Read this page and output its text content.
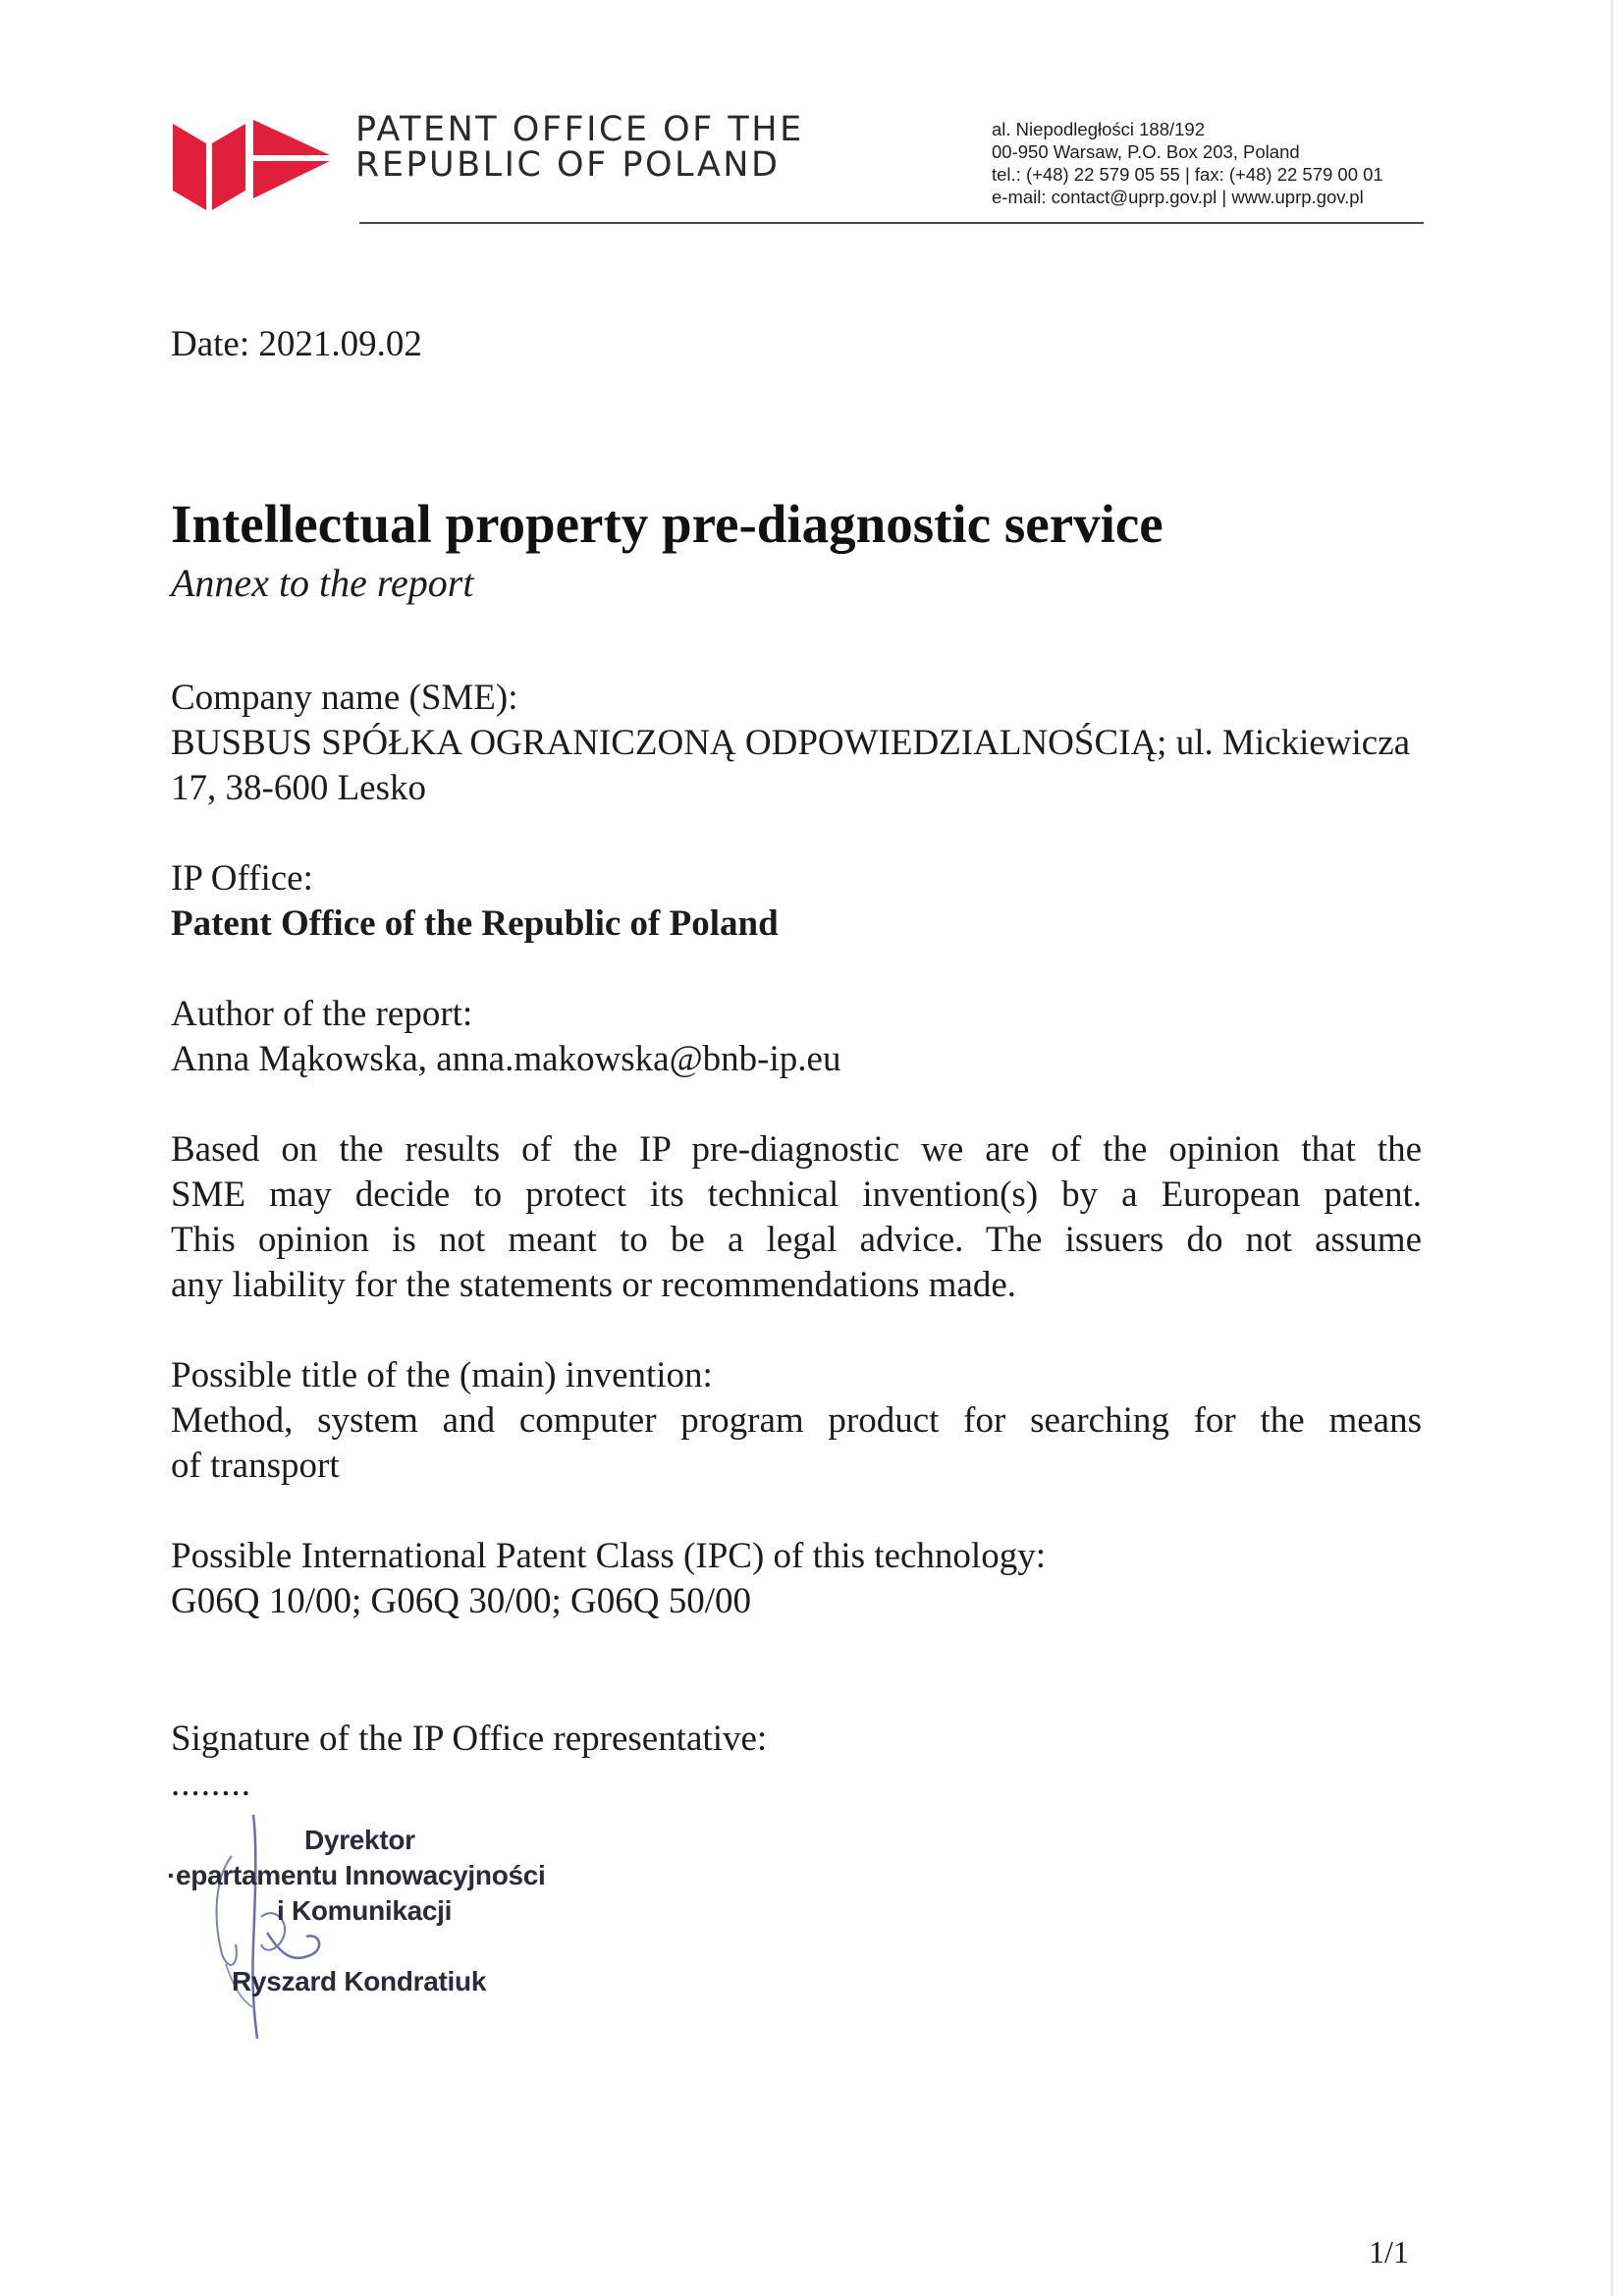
PATENT OFFICE OF THE
REPUBLIC OF POLAND
al. Niepodległości 188/192
00-950 Warsaw, P.O. Box 203, Poland
tel.: (+48) 22 579 05 55 | fax: (+48) 22 579 00 01
e-mail: contact@uprp.gov.pl | www.uprp.gov.pl
Date: 2021.09.02
Intellectual property pre-diagnostic service
Annex to the report
Company name (SME):
BUSBUS SPÓŁKA OGRANICZONĄ ODPOWIEDZIALNOŚCIĄ; ul. Mickiewicza
17, 38-600 Lesko
IP Office:
Patent Office of the Republic of Poland
Author of the report:
Anna Mąkowska, anna.makowska@bnb-ip.eu
Based on the results of the IP pre-diagnostic we are of the opinion that the
SME may decide to protect its technical invention(s) by a European patent.
This opinion is not meant to be a legal advice. The issuers do not assume
any liability for the statements or recommendations made.
Possible title of the (main) invention:
Method, system and computer program product for searching for the means
of transport
Possible International Patent Class (IPC) of this technology:
G06Q 10/00; G06Q 30/00; G06Q 50/00
Signature of the IP Office representative:
........
Dyrektor
·epartamentu Innowacyjności
i Komunikacji
Ryszard Kondratiuk
1/1
